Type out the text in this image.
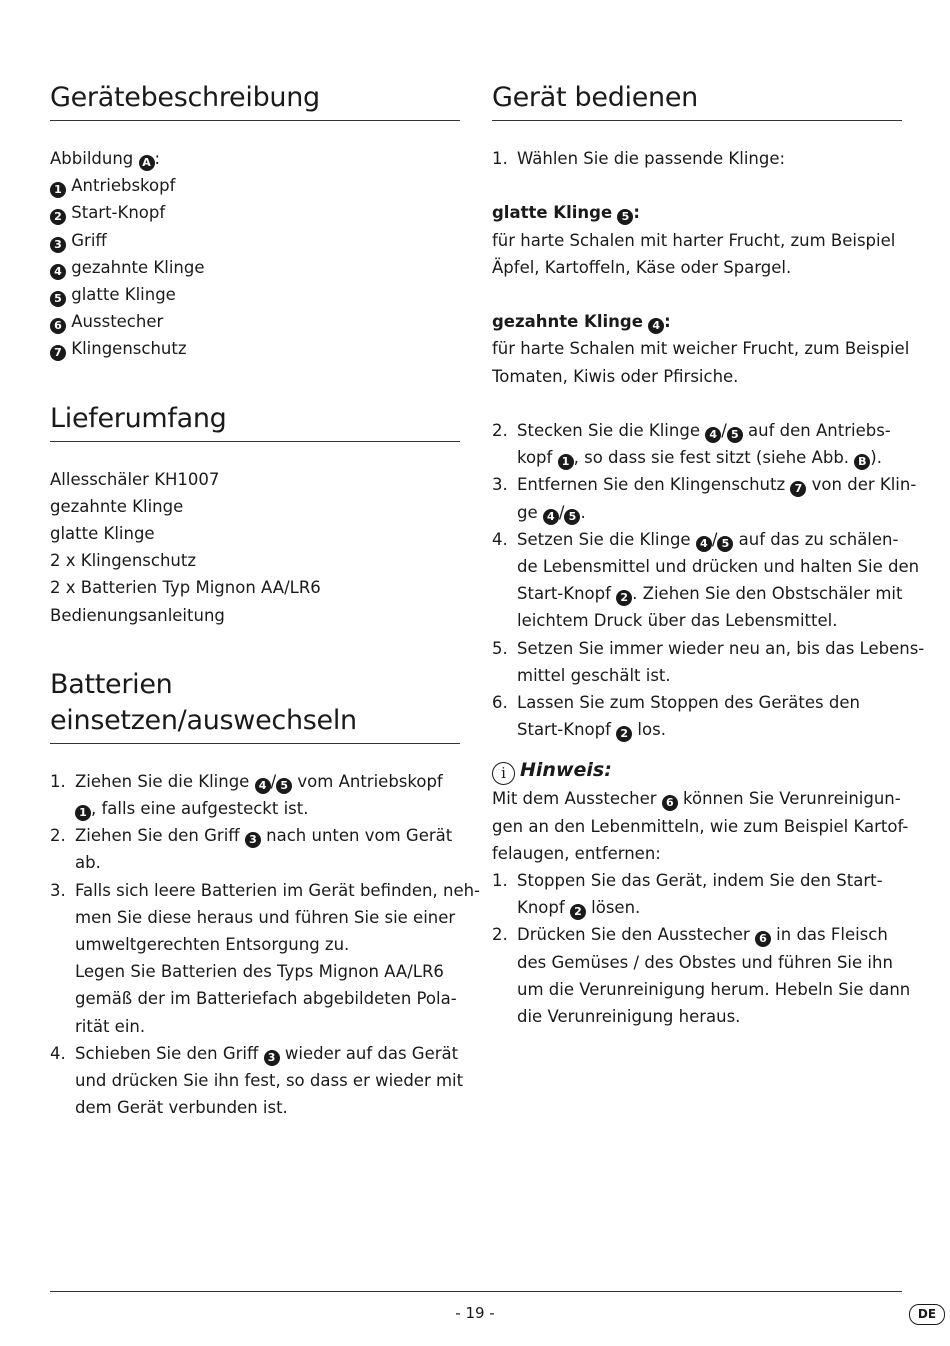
Gerätebeschreibung
Abbildung A :
1 Antriebskopf
2 Start-Knopf
3 Griff
4 gezahnte Klinge
5 glatte Klinge
6 Ausstecher
7 Klingenschutz
Lieferumfang
Allesschäler KH1007
gezahnte Klinge
glatte Klinge
2 x Klingenschutz
2 x Batterien Typ Mignon AA/LR6
Bedienungsanleitung
Batterien einsetzen/auswechseln
1. Ziehen Sie die Klinge 4 / 5 vom Antriebskopf
1 , falls eine aufgesteckt ist.
2. Ziehen Sie den Griff 3 nach unten vom Gerät ab.
3. Falls sich leere Batterien im Gerät befinden, neh-
men Sie diese heraus und führen Sie sie einer
umweltgerechten Entsorgung zu.
Legen Sie Batterien des Typs Mignon AA/LR6
gemäß der im Batteriefach abgebildeten Pola-
rität ein.
4. Schieben Sie den Griff 3 wieder auf das Gerät
und drücken Sie ihn fest, so dass er wieder mit
dem Gerät verbunden ist.
Gerät bedienen
1. Wählen Sie die passende Klinge:
glatte Klinge 5 :
für harte Schalen mit harter Frucht, zum Beispiel
Äpfel, Kartoffeln, Käse oder Spargel.
gezahnte Klinge 4 :
für harte Schalen mit weicher Frucht, zum Beispiel
Tomaten, Kiwis oder Pfirsiche.
2. Stecken Sie die Klinge 4 / 5 auf den Antriebs-
kopf 1 , so dass sie fest sitzt (siehe Abb. B ).
3. Entfernen Sie den Klingenschutz 7 von der Klin-
ge 4 / 5 .
4. Setzen Sie die Klinge 4 / 5 auf das zu schälen-
de Lebensmittel und drücken und halten Sie den
Start-Knopf 2 . Ziehen Sie den Obstschäler mit
leichtem Druck über das Lebensmittel.
5. Setzen Sie immer wieder neu an, bis das Lebens-
mittel geschält ist.
6. Lassen Sie zum Stoppen des Gerätes den
Start-Knopf 2 los.
i Hinweis:
Mit dem Ausstecher 6 können Sie Verunreinigun-
gen an den Lebenmitteln, wie zum Beispiel Kartof-
felaugen, entfernen:
1. Stoppen Sie das Gerät, indem Sie den Start-
Knopf 2 lösen.
2. Drücken Sie den Ausstecher 6 in das Fleisch
des Gemüses / des Obstes und führen Sie ihn
um die Verunreinigung herum. Hebeln Sie dann
die Verunreinigung heraus.
- 19 -	DE
